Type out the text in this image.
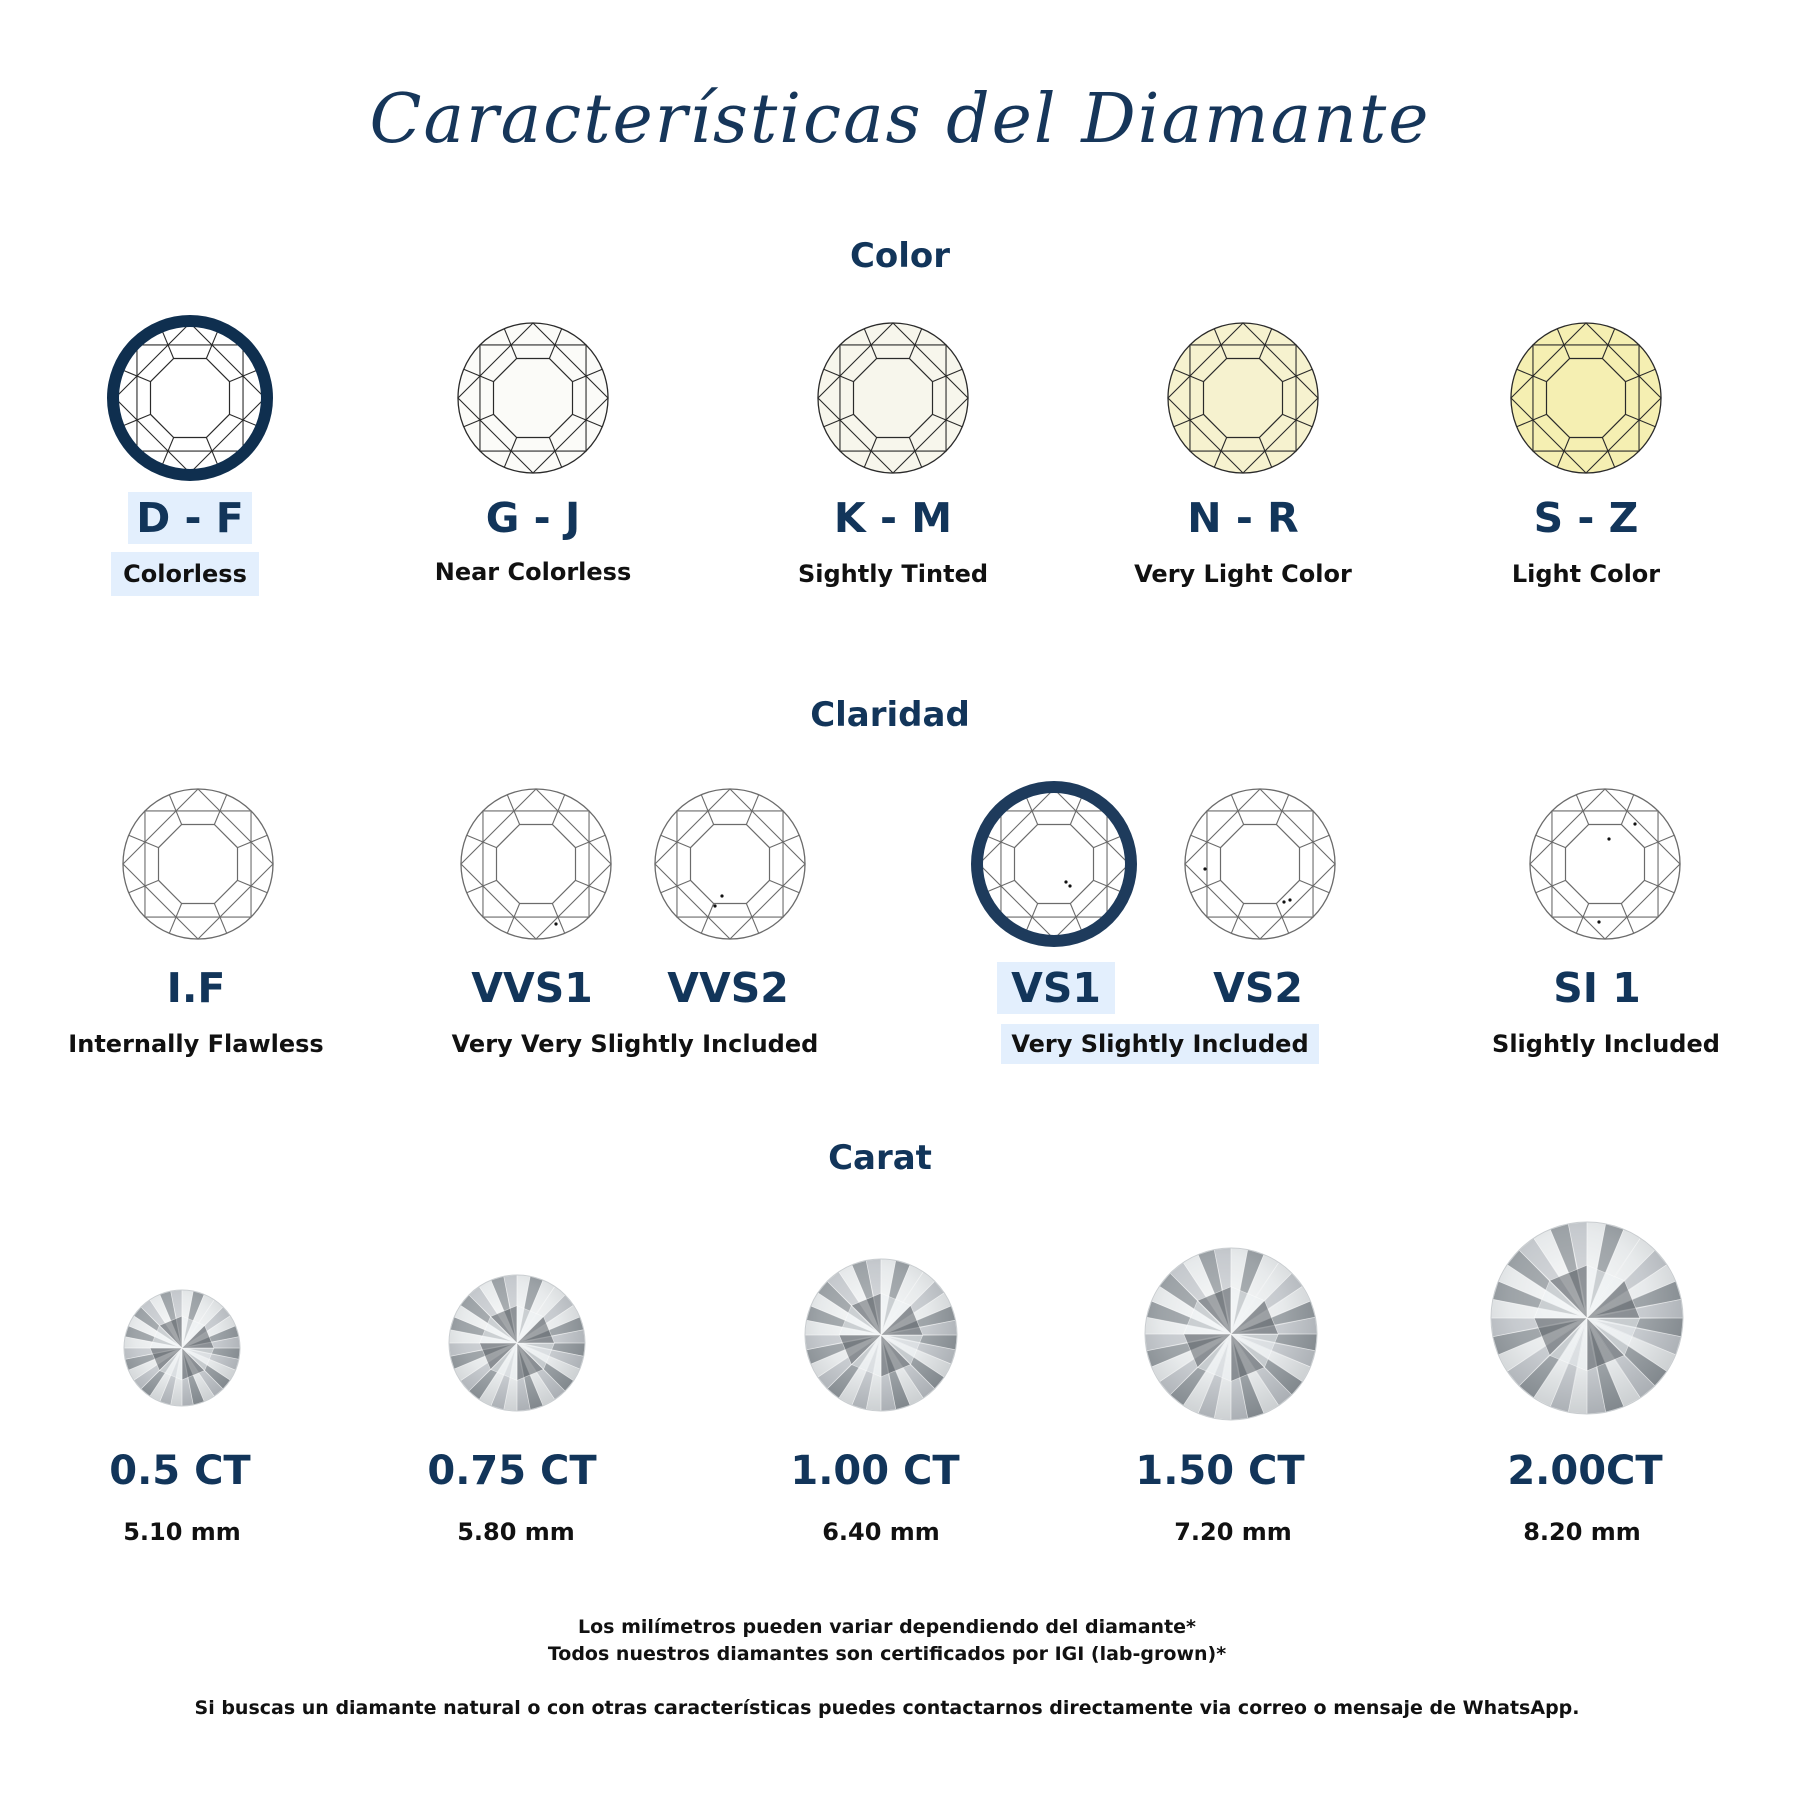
Características del Diamante
Color
D - F	G - J	K - M	N - R	S - Z
Colorless	Near Colorless	Sightly Tinted	Very Light Color	Light Color
Claridad
I.F	VVS1	VVS2	VS1	VS2	SI 1
Internally Flawless	Very Very Slightly Included	Very Slightly Included	Slightly Included
Carat
0.5 CT	0.75 CT	1.00 CT	1.50 CT	2.00CT
5.10 mm	5.80 mm	6.40 mm	7.20 mm	8.20 mm
Los milímetros pueden variar dependiendo del diamante*
Todos nuestros diamantes son certificados por IGI (lab-grown)*
Si buscas un diamante natural o con otras características puedes contactarnos directamente via correo o mensaje de WhatsApp.
